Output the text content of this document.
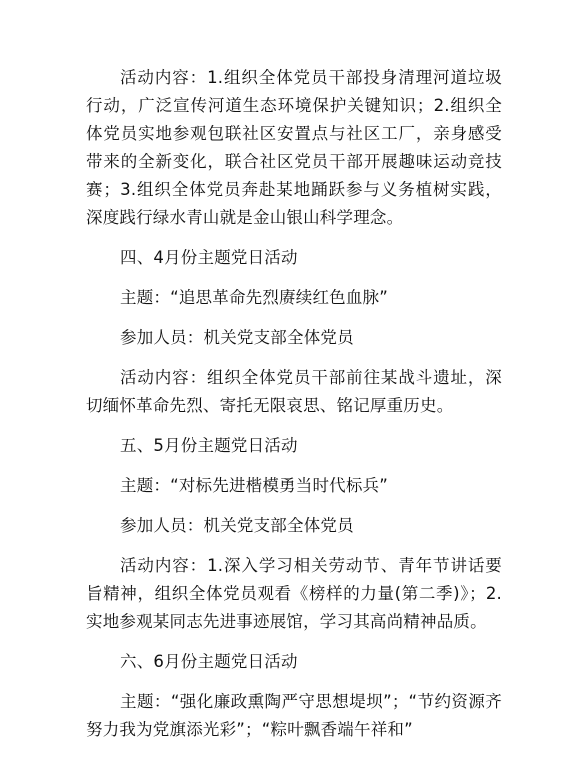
活动内容：1.组织全体党员干部投身清理河道垃圾行动，广泛宣传河道生态环境保护关键知识；2.组织全体党员实地参观包联社区安置点与社区工厂，亲身感受带来的全新变化，联合社区党员干部开展趣味运动竞技赛；3.组织全体党员奔赴某地踊跃参与义务植树实践，深度践行绿水青山就是金山银山科学理念。

四、4月份主题党日活动

主题：“追思革命先烈赓续红色血脉”

参加人员：机关党支部全体党员

活动内容：组织全体党员干部前往某战斗遗址，深切缅怀革命先烈、寄托无限哀思、铭记厚重历史。

五、5月份主题党日活动

主题：“对标先进楷模勇当时代标兵”

参加人员：机关党支部全体党员

活动内容：1.深入学习相关劳动节、青年节讲话要旨精神，组织全体党员观看《榜样的力量(第二季)》；2.实地参观某同志先进事迹展馆，学习其高尚精神品质。

六、6月份主题党日活动

主题：“强化廉政熏陶严守思想堤坝”；“节约资源齐努力我为党旗添光彩”；“粽叶飘香端午祥和”
